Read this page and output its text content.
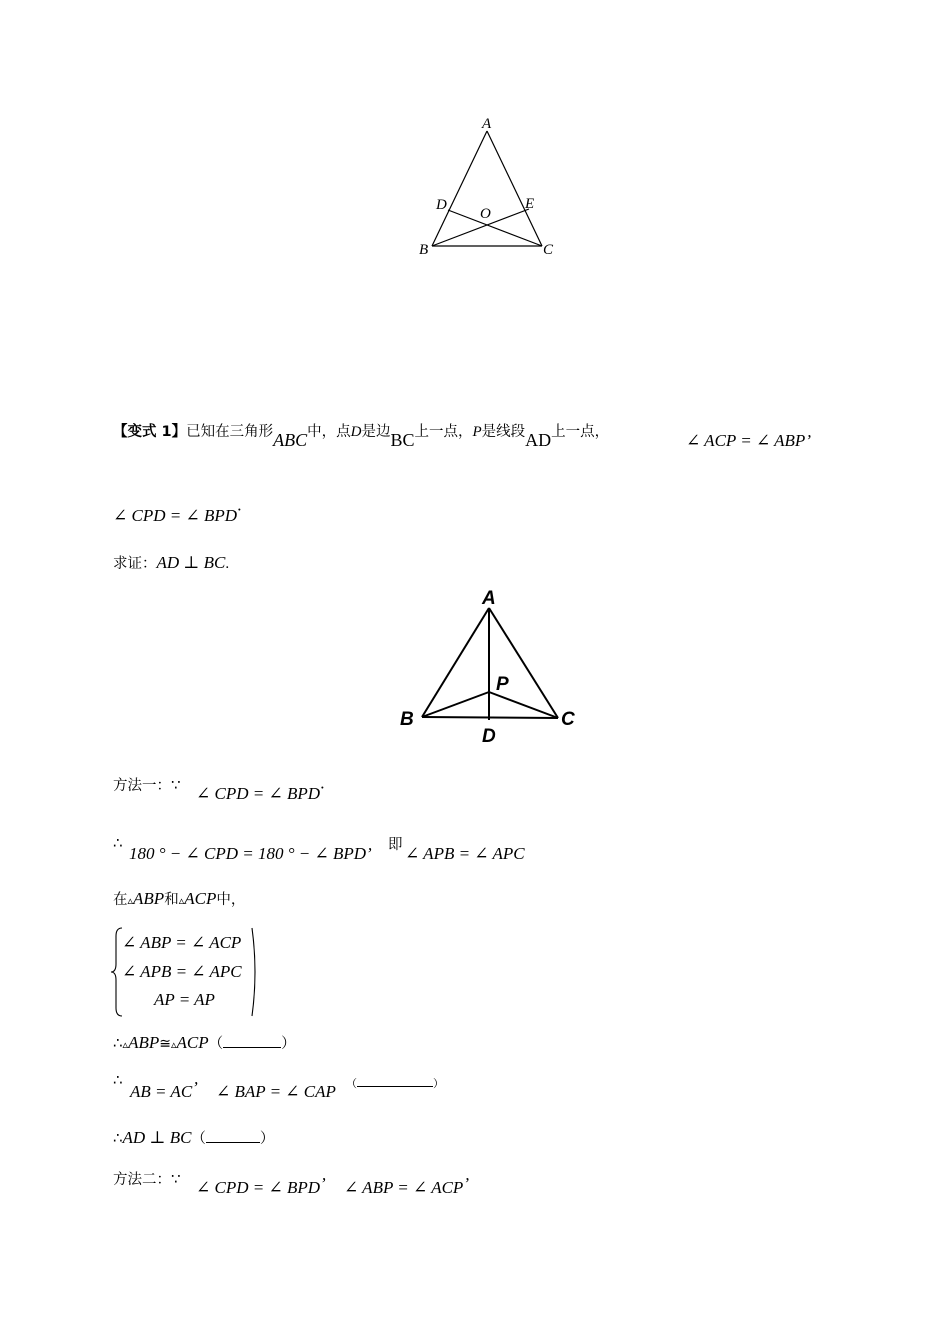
A
B	C
D	E
O
【变式 1】已知在三角形ABC中，点D是边BC上一点，P是线段AD上一点，	∠ ACP = ∠ ABP’
∠ CPD = ∠ BPD·
求证：AD ⊥ BC.
A
B	C
D
P
方法一：∵ ∠ CPD = ∠ BPD·
∴
180 ° − ∠ CPD = 180 ° − ∠ BPD’ 即 ∠ APB = ∠ APC
在▵ABP和▵ACP中，
∠ ABP = ∠ ACP
∠ APB = ∠ APC
AP = AP
∴▵ABP≅▵ACP（	）
∴
AB = AC’ ∠ BAP = ∠ CAP （	）
∴AD ⊥ BC（	）
方法二：∵ ∠ CPD = ∠ BPD’ ∠ ABP = ∠ ACP’
